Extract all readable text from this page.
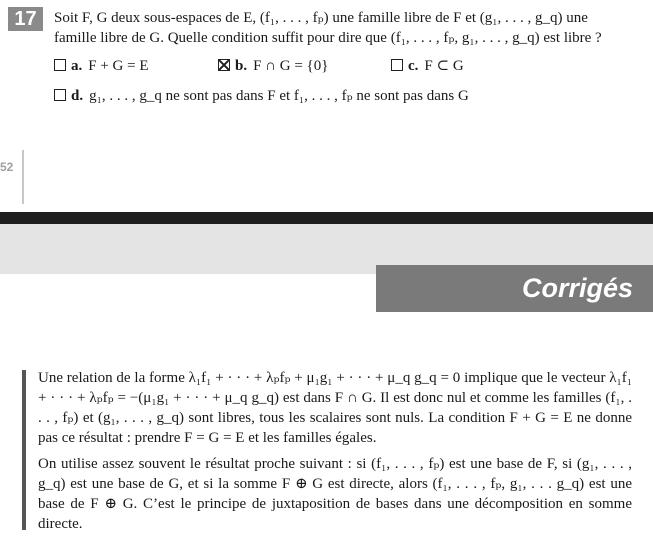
17	Soit F, G deux sous-espaces de E, (f₁, . . . , fₚ) une famille libre de F et (g₁, . . . , g_q) une
famille libre de G. Quelle condition suffit pour dire que (f₁, . . . , fₚ, g₁, . . . , g_q) est libre ?

a. F + G = E	b. F ∩ G = {0}	c. F ⊂ G
d. g₁, . . . , g_q ne sont pas dans F et f₁, . . . , fₚ ne sont pas dans G
52
Corrigés

Une relation de la forme λ₁f₁ + · · · + λₚfₚ + μ₁g₁ + · · · + μ_q g_q = 0 implique que le vecteur λ₁f₁ + · · · + λₚfₚ = −(μ₁g₁ + · · · + μ_q g_q) est dans F ∩ G. Il est donc nul et comme les familles (f₁, . . . , fₚ) et (g₁, . . . , g_q) sont libres, tous les scalaires sont nuls. La condition F + G = E ne donne pas ce résultat : prendre F = G = E et les familles égales.

On utilise assez souvent le résultat proche suivant : si (f₁, . . . , fₚ) est une base de F, si (g₁, . . . , g_q) est une base de G, et si la somme F ⊕ G est directe, alors (f₁, . . . , fₚ, g₁, . . . g_q) est une base de F ⊕ G. C’est le principe de juxtaposition de bases dans une décomposition en somme directe.
